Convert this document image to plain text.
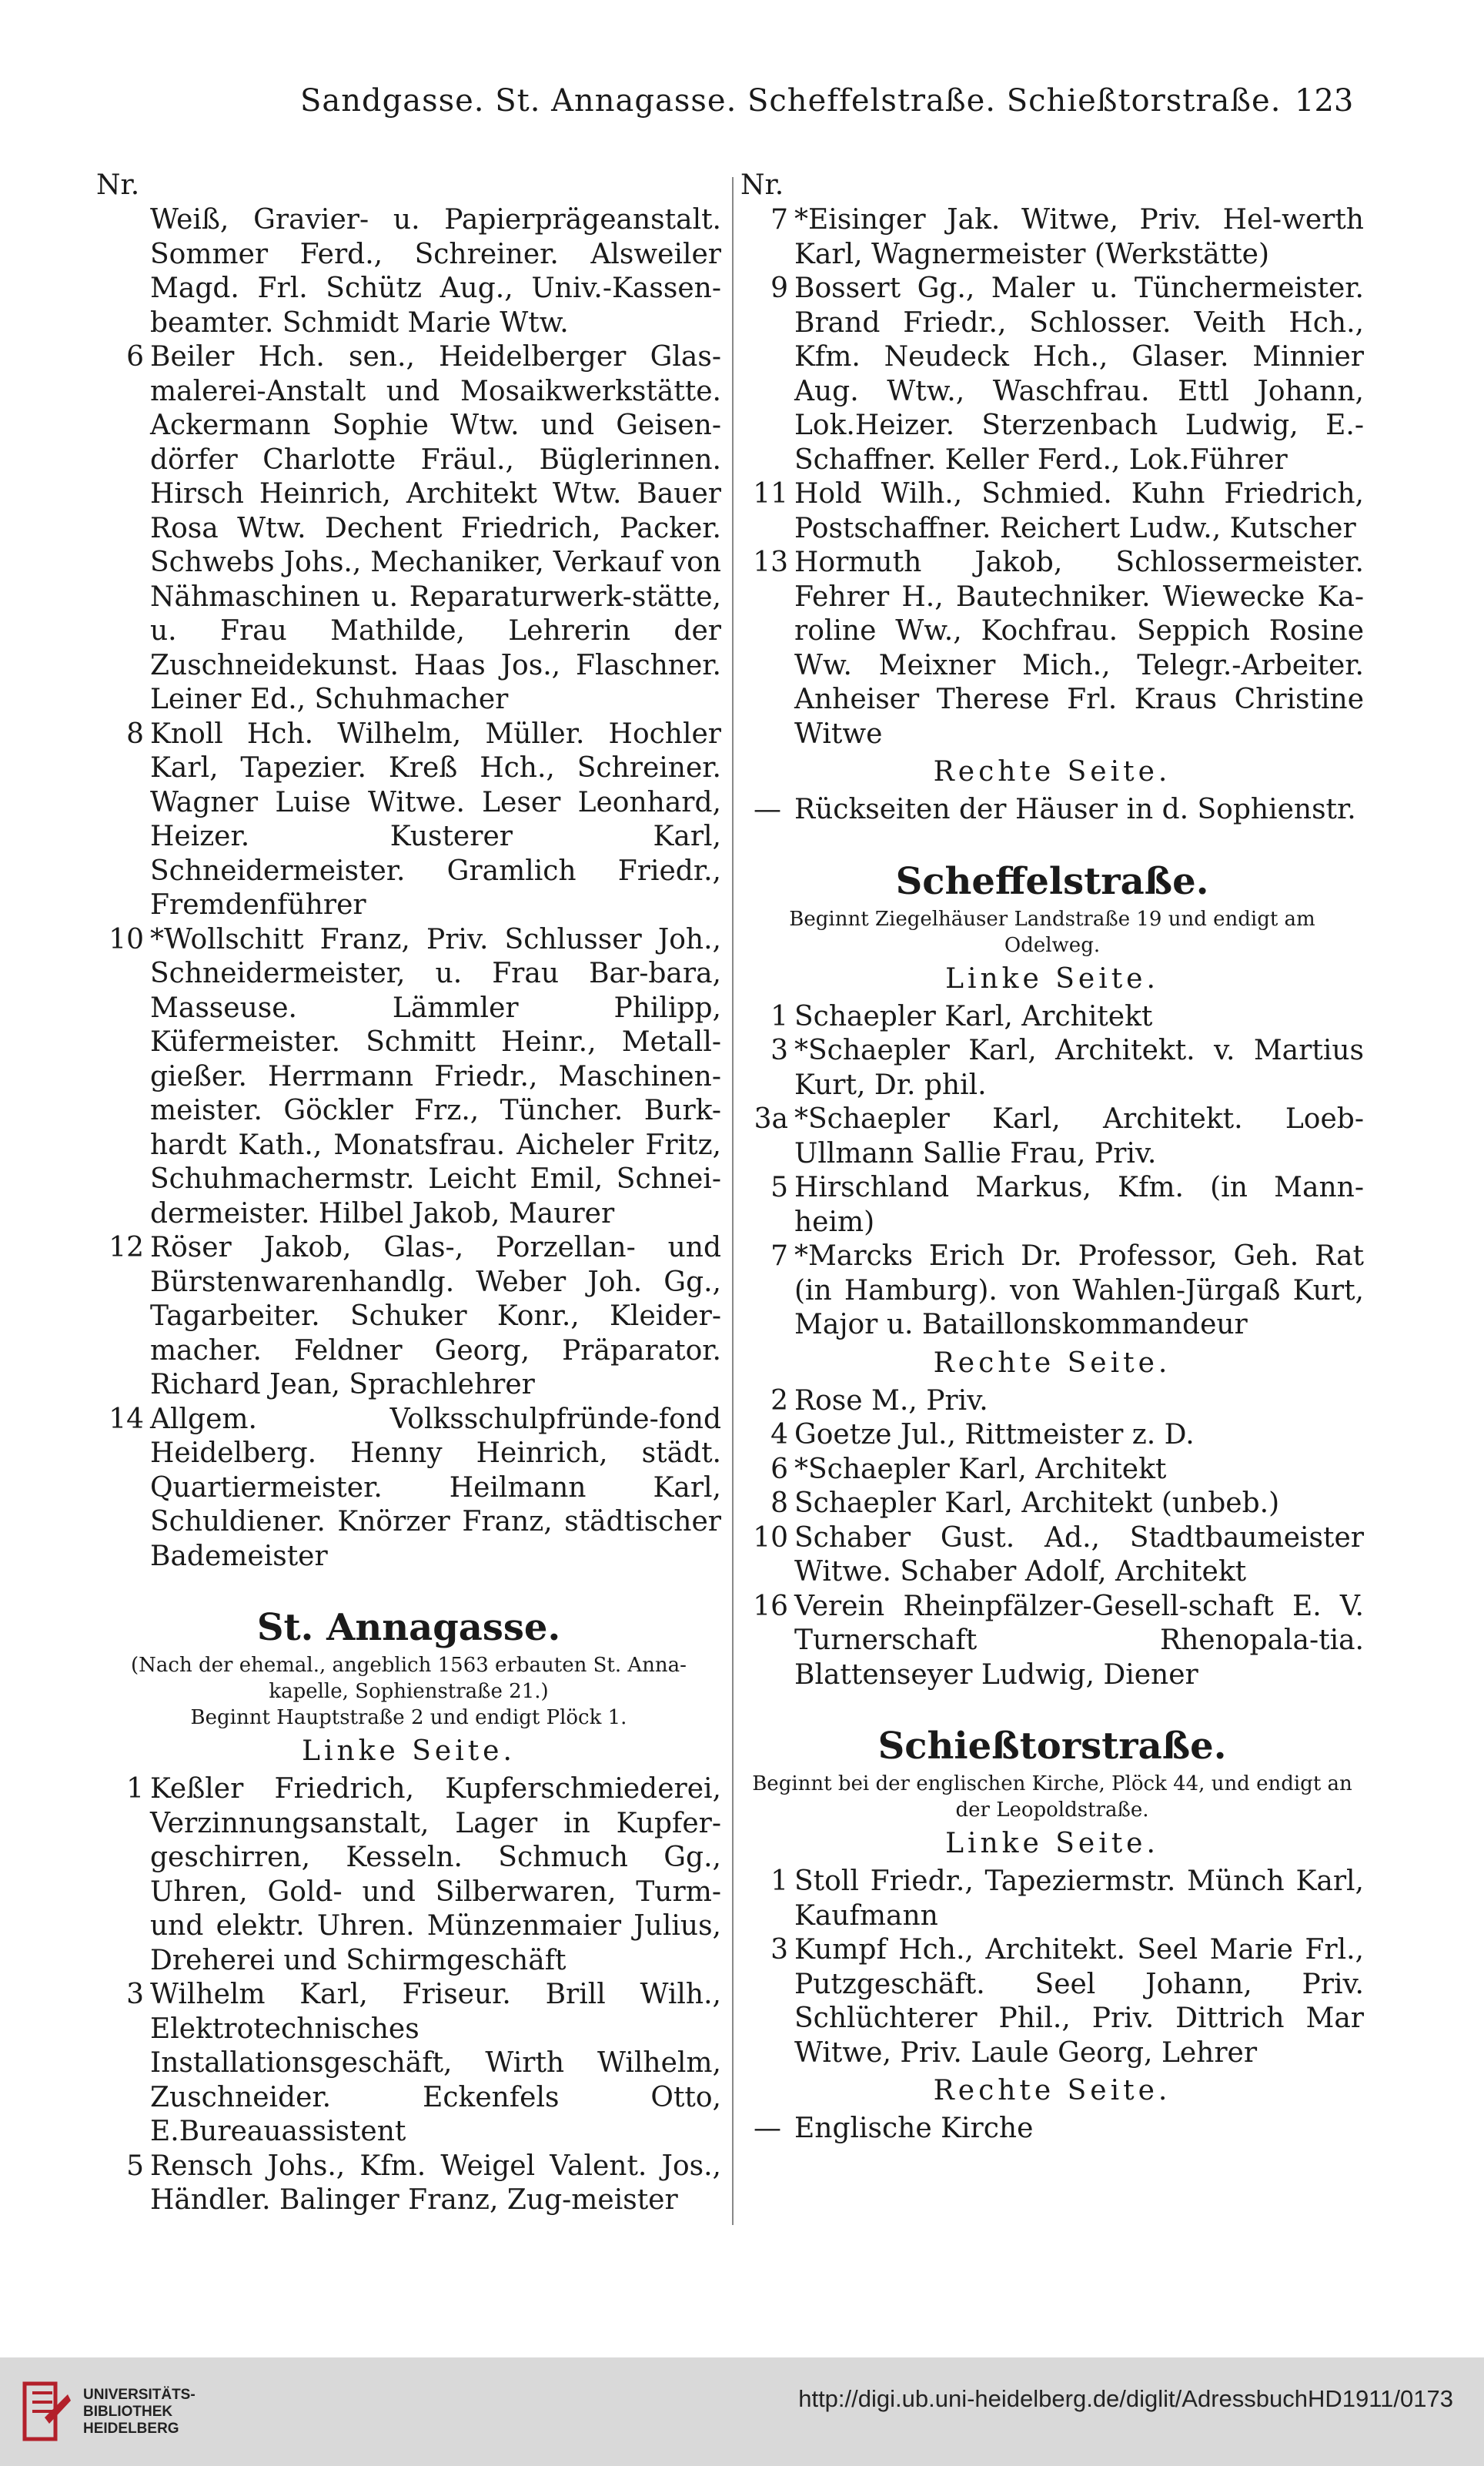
Sandgasse. St. Annagasse. Scheffelstraße. Schießtorstraße. 123
Nr.
Weiß, Gravier- u. Papierprägeanstalt. Sommer Ferd., Schreiner. Alsweiler Magd. Frl. Schütz Aug., Univ.-Kassen-beamter. Schmidt Marie Wtw.
6 Beiler Hch. sen., Heidelberger Glas-malerei-Anstalt und Mosaikwerkstätte. Ackermann Sophie Wtw. und Geisen-dörfer Charlotte Fräul., Büglerinnen. Hirsch Heinrich, Architekt Wtw. Bauer Rosa Wtw. Dechent Friedrich, Packer. Schwebs Johs., Mechaniker, Verkauf von Nähmaschinen u. Reparaturwerk-stätte, u. Frau Mathilde, Lehrerin der Zuschneidekunst. Haas Jos., Flaschner. Leiner Ed., Schuhmacher
8 Knoll Hch. Wilhelm, Müller. Hochler Karl, Tapezier. Kreß Hch., Schreiner. Wagner Luise Witwe. Leser Leonhard, Heizer. Kusterer Karl, Schneidermeister. Gramlich Friedr., Fremdenführer
10 *Wollschitt Franz, Priv. Schlusser Joh., Schneidermeister, u. Frau Bar-bara, Masseuse. Lämmler Philipp, Küfermeister. Schmitt Heinr., Metall-gießer. Herrmann Friedr., Maschinen-meister. Göckler Frz., Tüncher. Burk-hardt Kath., Monatsfrau. Aicheler Fritz, Schuhmachermstr. Leicht Emil, Schnei-dermeister. Hilbel Jakob, Maurer
12 Röser Jakob, Glas-, Porzellan- und Bürstenwarenhandlg. Weber Joh. Gg., Tagarbeiter. Schuker Konr., Kleider-macher. Feldner Georg, Präparator. Richard Jean, Sprachlehrer
14 Allgem. Volksschulpfründe-fond Heidelberg. Henny Heinrich, städt. Quartiermeister. Heilmann Karl, Schuldiener. Knörzer Franz, städtischer Bademeister
St. Annagasse.
(Nach der ehemal., angeblich 1563 erbauten St. Anna-kapelle, Sophienstraße 21.)
Beginnt Hauptstraße 2 und endigt Plöck 1.
Linke Seite.
1 Keßler Friedrich, Kupferschmiederei, Verzinnungsanstalt, Lager in Kupfer-geschirren, Kesseln. Schmuch Gg., Uhren, Gold- und Silberwaren, Turm- und elektr. Uhren. Münzenmaier Julius, Dreherei und Schirmgeschäft
3 Wilhelm Karl, Friseur. Brill Wilh., Elektrotechnisches Installationsgeschäft, Wirth Wilhelm, Zuschneider. Eckenfels Otto, E.Bureauassistent
5 Rensch Johs., Kfm. Weigel Valent. Jos., Händler. Balinger Franz, Zug-meister
Nr.
7 *Eisinger Jak. Witwe, Priv. Hel-werth Karl, Wagnermeister (Werkstätte)
9 Bossert Gg., Maler u. Tünchermeister. Brand Friedr., Schlosser. Veith Hch., Kfm. Neudeck Hch., Glaser. Minnier Aug. Wtw., Waschfrau. Ettl Johann, Lok.Heizer. Sterzenbach Ludwig, E.-Schaffner. Keller Ferd., Lok.Führer
11 Hold Wilh., Schmied. Kuhn Friedrich, Postschaffner. Reichert Ludw., Kutscher
13 Hormuth Jakob, Schlossermeister. Fehrer H., Bautechniker. Wiewecke Ka-roline Ww., Kochfrau. Seppich Rosine Ww. Meixner Mich., Telegr.-Arbeiter. Anheiser Therese Frl. Kraus Christine Witwe
Rechte Seite.
— Rückseiten der Häuser in d. Sophienstr.
Scheffelstraße.
Beginnt Ziegelhäuser Landstraße 19 und endigt am Odelweg.
Linke Seite.
1 Schaepler Karl, Architekt
3 *Schaepler Karl, Architekt. v. Martius Kurt, Dr. phil.
3a *Schaepler Karl, Architekt. Loeb-Ullmann Sallie Frau, Priv.
5 Hirschland Markus, Kfm. (in Mann-heim)
7 *Marcks Erich Dr. Professor, Geh. Rat (in Hamburg). von Wahlen-Jürgaß Kurt, Major u. Bataillonskommandeur
Rechte Seite.
2 Rose M., Priv.
4 Goetze Jul., Rittmeister z. D.
6 *Schaepler Karl, Architekt
8 Schaepler Karl, Architekt (unbeb.)
10 Schaber Gust. Ad., Stadtbaumeister Witwe. Schaber Adolf, Architekt
16 Verein Rheinpfälzer-Gesell-schaft E. V. Turnerschaft Rhenopala-tia. Blattenseyer Ludwig, Diener
Schießtorstraße.
Beginnt bei der englischen Kirche, Plöck 44, und endigt an der Leopoldstraße.
Linke Seite.
1 Stoll Friedr., Tapeziermstr. Münch Karl, Kaufmann
3 Kumpf Hch., Architekt. Seel Marie Frl., Putzgeschäft. Seel Johann, Priv. Schlüchterer Phil., Priv. Dittrich Mar Witwe, Priv. Laule Georg, Lehrer
Rechte Seite.
— Englische Kirche
UNIVERSITÄTS-
BIBLIOTHEK
HEIDELBERG
http://digi.ub.uni-heidelberg.de/diglit/AdressbuchHD1911/0173
